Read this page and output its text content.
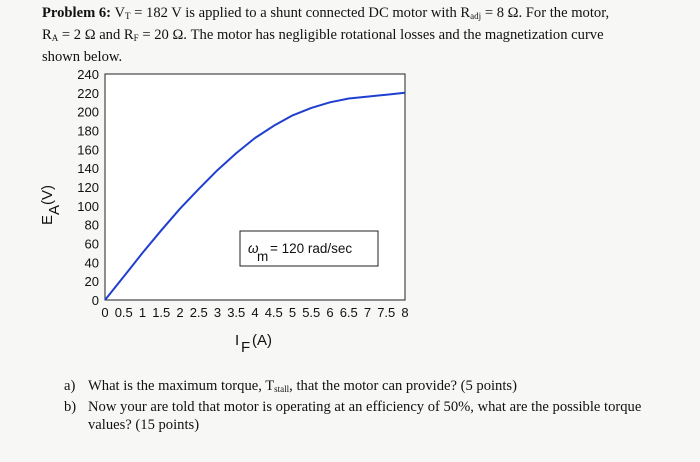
Problem 6: $V_T = 182$ V is applied to a shunt connected DC motor with $R_{adj} = 8$ Ω. For the motor,
$R_A = 2$ Ω and $R_F = 20$ Ω. The motor has negligible rotational losses and the magnetization curve
shown below.
0
20
40
60
80
100
120
140
160
180
200
220
240
0 0.5 1 1.5 2 2.5 3 3.5 4 4.5 5 5.5 6 6.5 7 7.5 8
ω
m
= 120 rad/sec
E
A
(V)
I F (A)
a) What is the maximum torque, $T_{stall}$, that the motor can provide? (5 points)
b) Now your are told that motor is operating at an efficiency of 50%, what are the possible torque values? (15 points)
